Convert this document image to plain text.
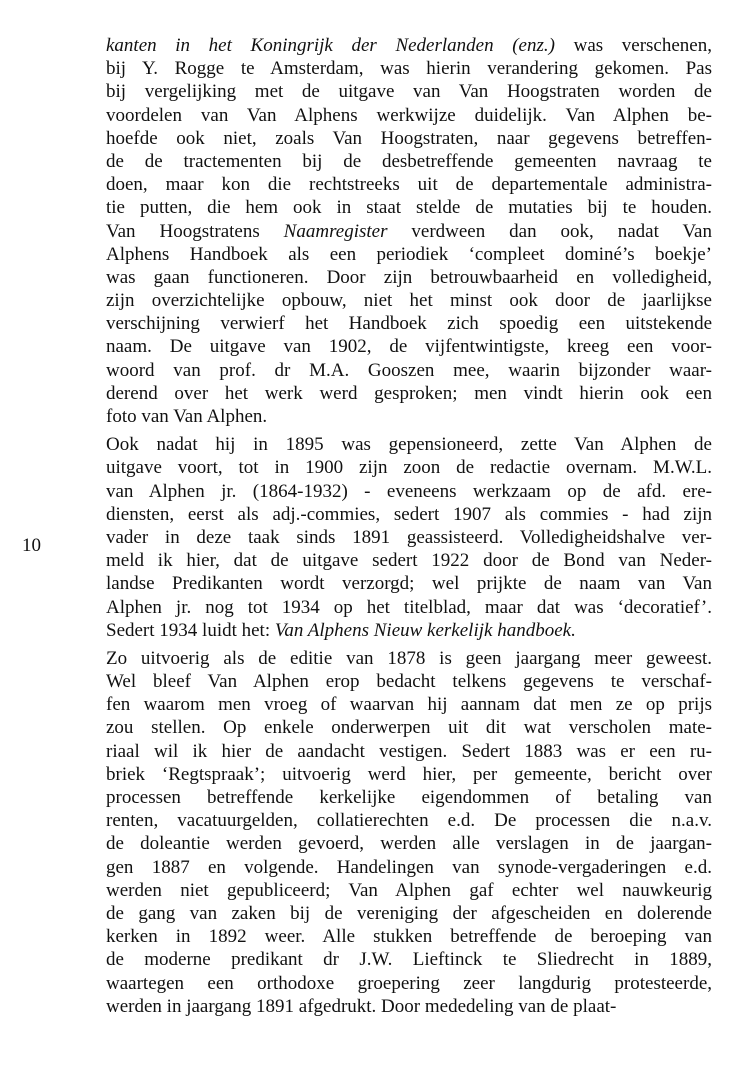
10
kanten in het Koningrijk der Nederlanden (enz.) was verschenen,
bij Y. Rogge te Amsterdam, was hierin verandering gekomen. Pas
bij vergelijking met de uitgave van Van Hoogstraten worden de
voordelen van Van Alphens werkwijze duidelijk. Van Alphen be-
hoefde ook niet, zoals Van Hoogstraten, naar gegevens betreffen-
de de tractementen bij de desbetreffende gemeenten navraag te
doen, maar kon die rechtstreeks uit de departementale administra-
tie putten, die hem ook in staat stelde de mutaties bij te houden.
Van Hoogstratens Naamregister verdween dan ook, nadat Van
Alphens Handboek als een periodiek ‘compleet dominé’s boekje’
was gaan functioneren. Door zijn betrouwbaarheid en volledigheid,
zijn overzichtelijke opbouw, niet het minst ook door de jaarlijkse
verschijning verwierf het Handboek zich spoedig een uitstekende
naam. De uitgave van 1902, de vijfentwintigste, kreeg een voor-
woord van prof. dr M.A. Gooszen mee, waarin bijzonder waar-
derend over het werk werd gesproken; men vindt hierin ook een
foto van Van Alphen.
Ook nadat hij in 1895 was gepensioneerd, zette Van Alphen de
uitgave voort, tot in 1900 zijn zoon de redactie overnam. M.W.L.
van Alphen jr. (1864-1932) - eveneens werkzaam op de afd. ere-
diensten, eerst als adj.-commies, sedert 1907 als commies - had zijn
vader in deze taak sinds 1891 geassisteerd. Volledigheidshalve ver-
meld ik hier, dat de uitgave sedert 1922 door de Bond van Neder-
landse Predikanten wordt verzorgd; wel prijkte de naam van Van
Alphen jr. nog tot 1934 op het titelblad, maar dat was ‘decoratief’.
Sedert 1934 luidt het: Van Alphens Nieuw kerkelijk handboek.
Zo uitvoerig als de editie van 1878 is geen jaargang meer geweest.
Wel bleef Van Alphen erop bedacht telkens gegevens te verschaf-
fen waarom men vroeg of waarvan hij aannam dat men ze op prijs
zou stellen. Op enkele onderwerpen uit dit wat verscholen mate-
riaal wil ik hier de aandacht vestigen. Sedert 1883 was er een ru-
briek ‘Regtspraak’; uitvoerig werd hier, per gemeente, bericht over
processen betreffende kerkelijke eigendommen of betaling van
renten, vacatuurgelden, collatierechten e.d. De processen die n.a.v.
de doleantie werden gevoerd, werden alle verslagen in de jaargan-
gen 1887 en volgende. Handelingen van synode-vergaderingen e.d.
werden niet gepubliceerd; Van Alphen gaf echter wel nauwkeurig
de gang van zaken bij de vereniging der afgescheiden en dolerende
kerken in 1892 weer. Alle stukken betreffende de beroeping van
de moderne predikant dr J.W. Lieftinck te Sliedrecht in 1889,
waartegen een orthodoxe groepering zeer langdurig protesteerde,
werden in jaargang 1891 afgedrukt. Door mededeling van de plaat-
